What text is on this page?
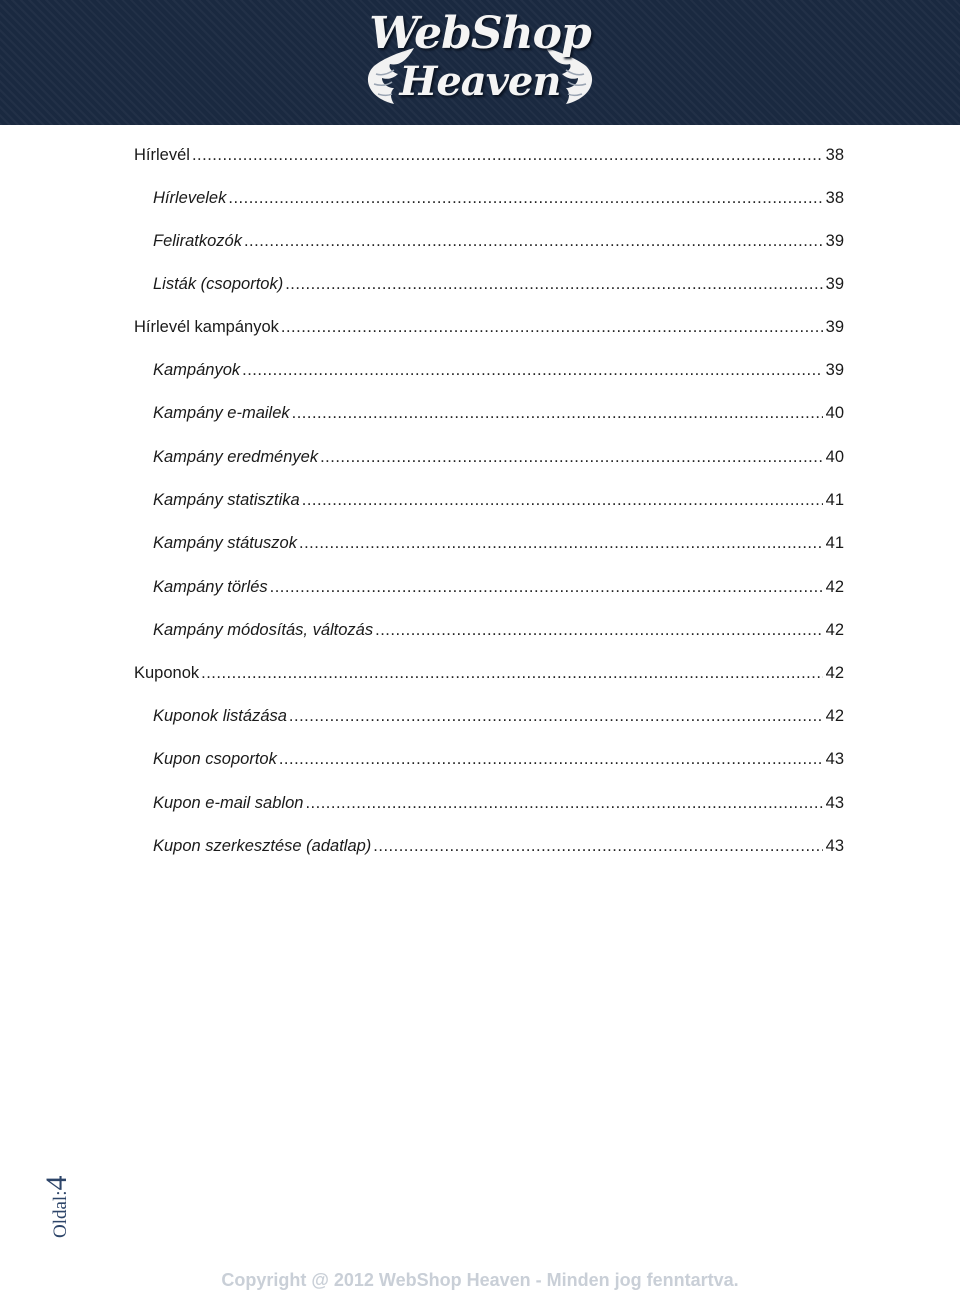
WebShop
Heaven
Hírlevél .....	38
Hírlevelek .....	38
Feliratkozók .....	39
Listák (csoportok) .....	39
Hírlevél kampányok .....	39
Kampányok .....	39
Kampány e-mailek .....	40
Kampány eredmények .....	40
Kampány statisztika .....	41
Kampány státuszok .....	41
Kampány törlés .....	42
Kampány módosítás, változás .....	42
Kuponok .....	42
Kuponok listázása .....	42
Kupon csoportok .....	43
Kupon e-mail sablon .....	43
Kupon szerkesztése (adatlap) .....	43
Oldal:4
Copyright @ 2012 WebShop Heaven - Minden jog fenntartva.
